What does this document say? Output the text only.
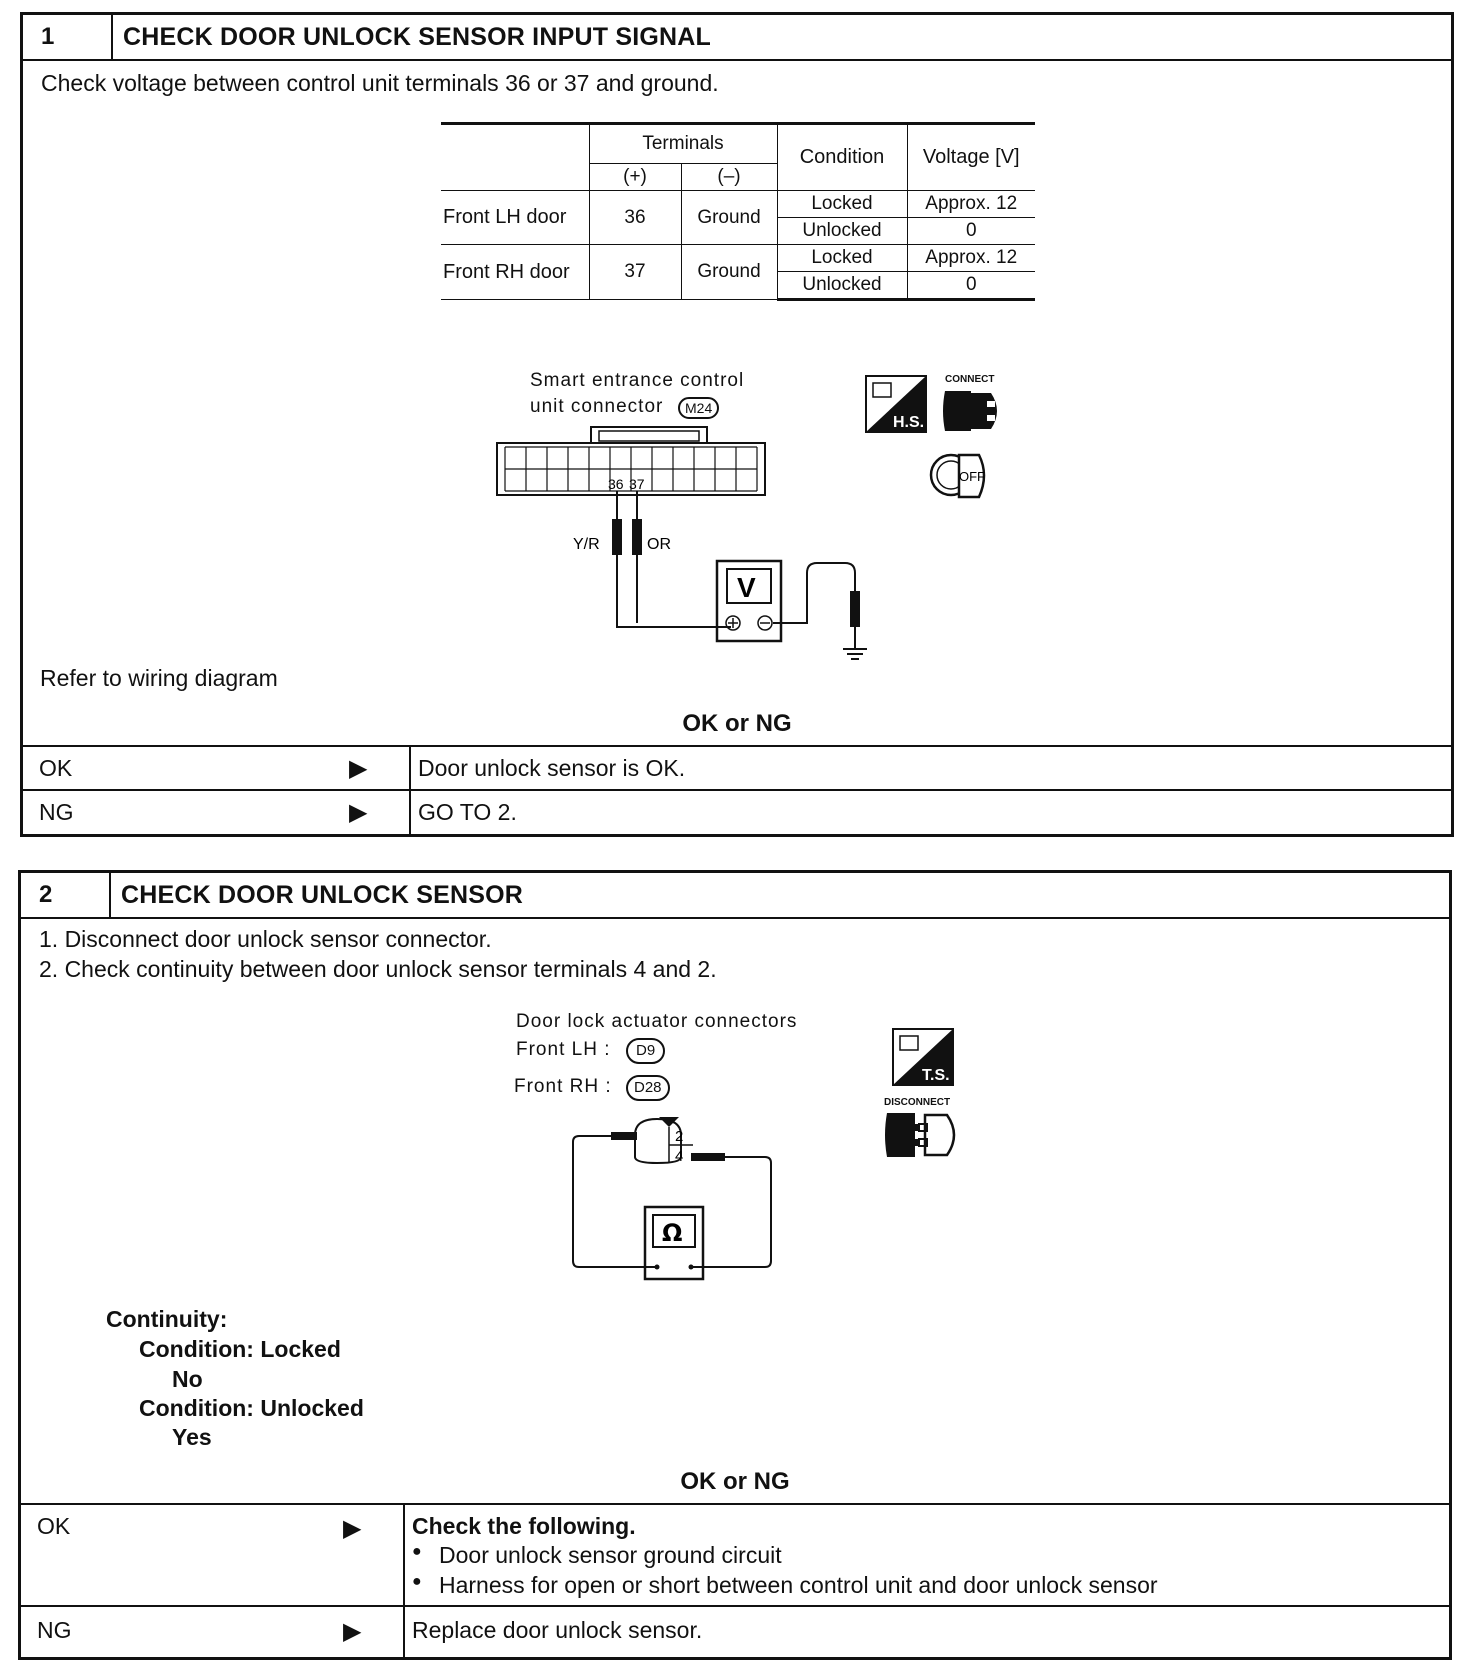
1	CHECK DOOR UNLOCK SENSOR INPUT SIGNAL
Check voltage between control unit terminals 36 or 37 and ground.
	Terminals		Condition	Voltage [V]
	(+)	(–)		
Front LH door	36	Ground	Locked	Approx. 12
			Unlocked	0
Front RH door	37	Ground	Locked	Approx. 12
			Unlocked	0
Smart entrance control
unit connector	M24
36 37
Y/R	OR
V
H.S.
CONNECT
OFF
Refer to wiring diagram
OK or NG
OK	▶ Door unlock sensor is OK.
NG	▶ GO TO 2.
2	CHECK DOOR UNLOCK SENSOR
1. Disconnect door unlock sensor connector.
2. Check continuity between door unlock sensor terminals 4 and 2.
Door lock actuator connectors
Front LH :	D9
Front RH :	D28
2
4
Ω
T.S.
DISCONNECT
Continuity:
Condition: Locked
No
Condition: Unlocked
Yes
OK or NG
OK	▶ Check the following.
● Door unlock sensor ground circuit
● Harness for open or short between control unit and door unlock sensor
NG	▶ Replace door unlock sensor.
